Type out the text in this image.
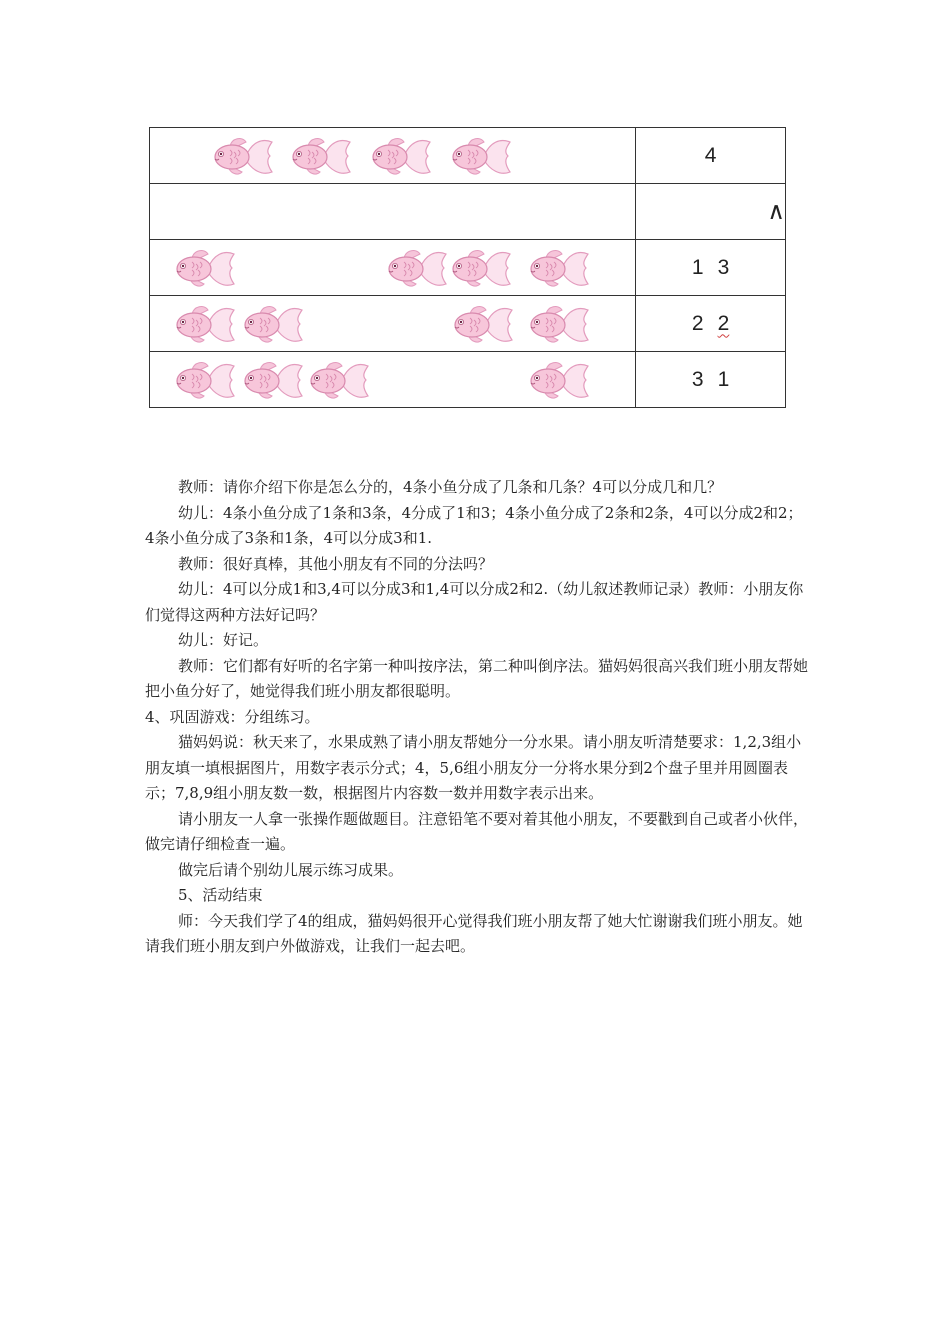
	4
	∧

	1 3

	2 2

	3 1

教师：请你介绍下你是怎么分的，4条小鱼分成了几条和几条？4可以分成几和几？

幼儿：4条小鱼分成了1条和3条，4分成了1和3；4条小鱼分成了2条和2条，4可以分成2和2；4条小鱼分成了3条和1条，4可以分成3和1.

教师：很好真棒，其他小朋友有不同的分法吗？

幼儿：4可以分成1和3,4可以分成3和1,4可以分成2和2.（幼儿叙述教师记录）教师：小朋友你们觉得这两种方法好记吗？

幼儿：好记。

教师：它们都有好听的名字第一种叫按序法，第二种叫倒序法。猫妈妈很高兴我们班小朋友帮她把小鱼分好了，她觉得我们班小朋友都很聪明。

4、巩固游戏：分组练习。

猫妈妈说：秋天来了，水果成熟了请小朋友帮她分一分水果。请小朋友听清楚要求：1,2,3组小朋友填一填根据图片，用数字表示分式；4，5,6组小朋友分一分将水果分到2个盘子里并用圆圈表示；7,8,9组小朋友数一数，根据图片内容数一数并用数字表示出来。

请小朋友一人拿一张操作题做题目。注意铅笔不要对着其他小朋友，不要戳到自己或者小伙伴，做完请仔细检查一遍。

做完后请个别幼儿展示练习成果。

5、活动结束

师：今天我们学了4的组成，猫妈妈很开心觉得我们班小朋友帮了她大忙谢谢我们班小朋友。她请我们班小朋友到户外做游戏，让我们一起去吧。
